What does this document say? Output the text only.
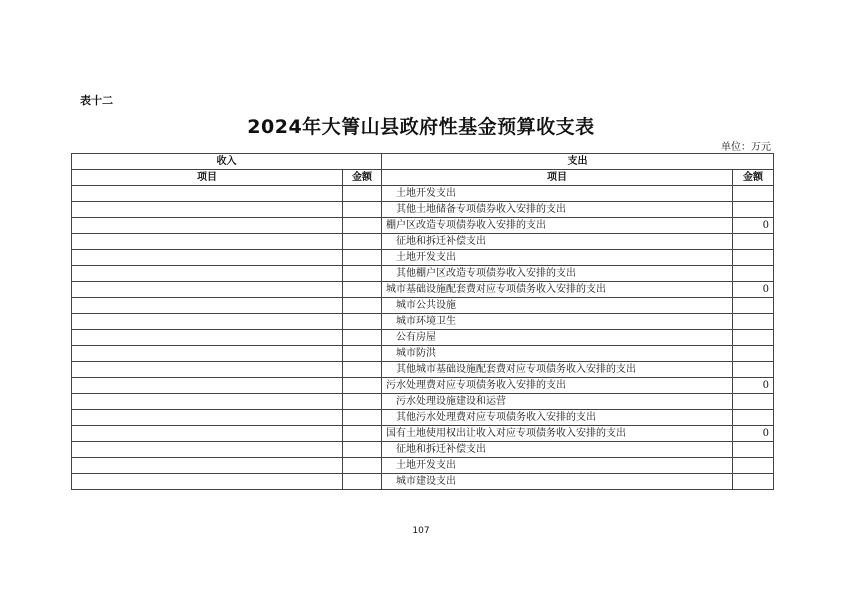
表十二
2024年大箐山县政府性基金预算收支表
单位：万元
收入		支出	
项目	金额	项目	金额
		土地开发支出	
		其他土地储备专项债券收入安排的支出	
		棚户区改造专项债券收入安排的支出	0
		征地和拆迁补偿支出	
		土地开发支出	
		其他棚户区改造专项债券收入安排的支出	
		城市基础设施配套费对应专项债务收入安排的支出	0
		城市公共设施	
		城市环境卫生	
		公有房屋	
		城市防洪	
		其他城市基础设施配套费对应专项债务收入安排的支出	
		污水处理费对应专项债务收入安排的支出	0
		污水处理设施建设和运营	
		其他污水处理费对应专项债务收入安排的支出	
		国有土地使用权出让收入对应专项债务收入安排的支出	0
		征地和拆迁补偿支出	
		土地开发支出	
		城市建设支出	
107
